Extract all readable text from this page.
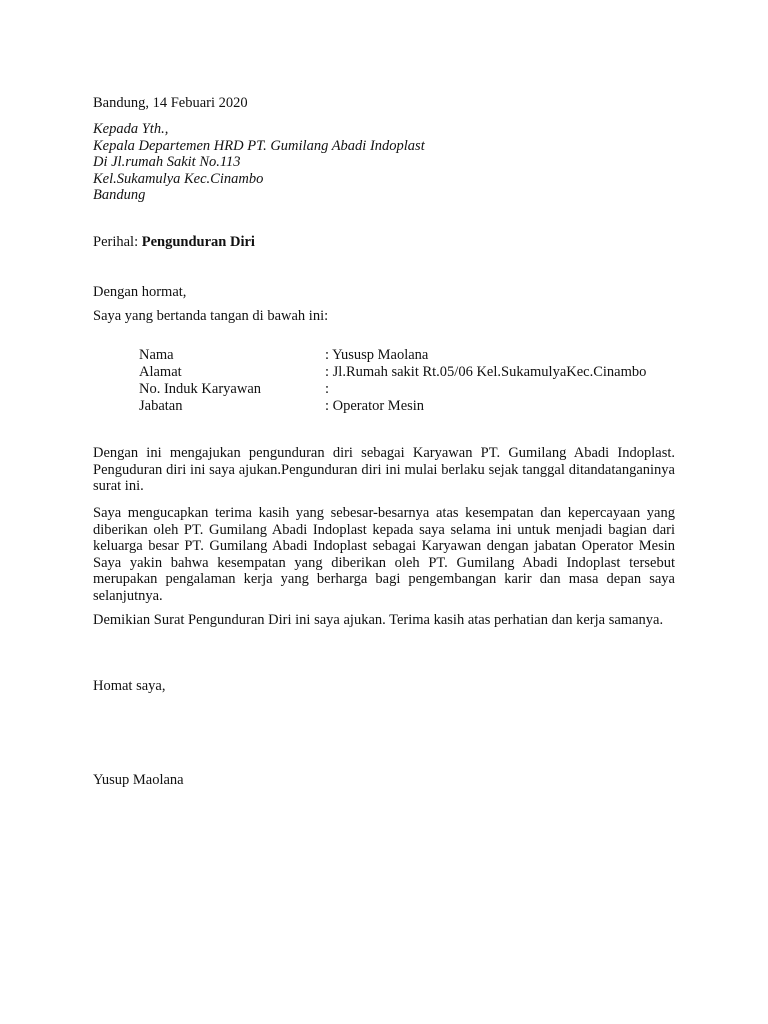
Bandung, 14 Febuari 2020
Kepada Yth.,
Kepala Departemen HRD PT. Gumilang Abadi Indoplast
Di Jl.rumah Sakit No.113
Kel.Sukamulya Kec.Cinambo
Bandung
Perihal: Pengunduran Diri
Dengan hormat,
Saya yang bertanda tangan di bawah ini:
Nama	: Yususp Maolana
Alamat	: Jl.Rumah sakit Rt.05/06 Kel.SukamulyaKec.Cinambo
No. Induk Karyawan	:
Jabatan	: Operator Mesin
Dengan ini mengajukan pengunduran diri sebagai Karyawan PT. Gumilang Abadi Indoplast. Penguduran diri ini saya ajukan.Pengunduran diri ini mulai berlaku sejak tanggal ditandatanganinya surat ini.
Saya mengucapkan terima kasih yang sebesar-besarnya atas kesempatan dan kepercayaan yang diberikan oleh PT. Gumilang Abadi Indoplast kepada saya selama ini untuk menjadi bagian dari keluarga besar PT. Gumilang Abadi Indoplast sebagai Karyawan dengan jabatan Operator Mesin Saya yakin bahwa kesempatan yang diberikan oleh PT. Gumilang Abadi Indoplast tersebut merupakan pengalaman kerja yang berharga bagi pengembangan karir dan masa depan saya selanjutnya.
Demikian Surat Pengunduran Diri ini saya ajukan. Terima kasih atas perhatian dan kerja samanya.
Homat saya,
Yusup Maolana
